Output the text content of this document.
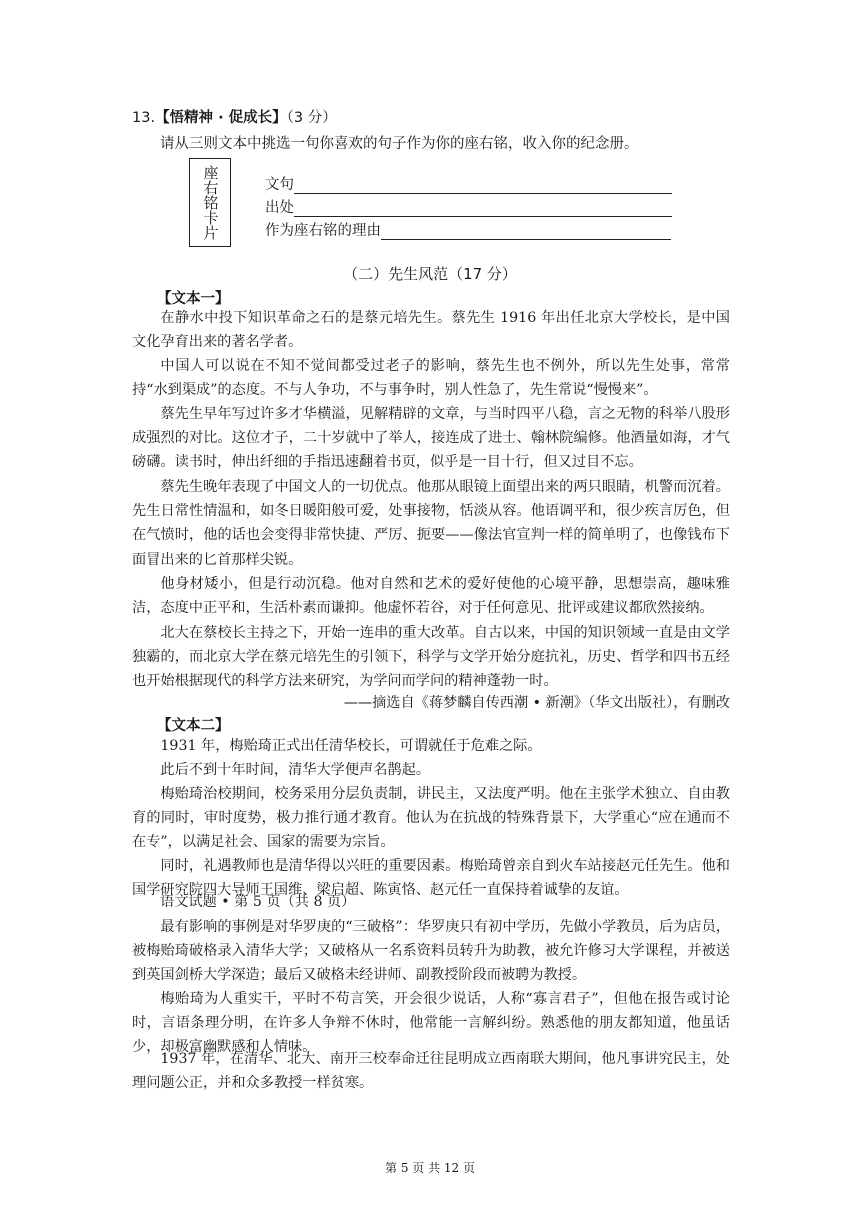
13.【悟精神 · 促成长】（3 分）
请从三则文本中挑选一句你喜欢的句子作为你的座右铭，收入你的纪念册。
座右铭卡片	文句
出处
作为座右铭的理由
（二）先生风范（17 分）
【文本一】
在静水中投下知识革命之石的是蔡元培先生。蔡先生 1916 年出任北京大学校长，是中国文化孕育出来的著名学者。
中国人可以说在不知不觉间都受过老子的影响，蔡先生也不例外，所以先生处事，常常持“水到渠成”的态度。不与人争功，不与事争时，别人性急了，先生常说“慢慢来”。
蔡先生早年写过许多才华横溢，见解精辟的文章，与当时四平八稳，言之无物的科举八股形成强烈的对比。这位才子，二十岁就中了举人，接连成了进士、翰林院编修。他酒量如海，才气磅礴。读书时，伸出纤细的手指迅速翻着书页，似乎是一目十行，但又过目不忘。
蔡先生晚年表现了中国文人的一切优点。他那从眼镜上面望出来的两只眼睛，机警而沉着。先生日常性情温和，如冬日暖阳般可爱，处事接物，恬淡从容。他语调平和，很少疾言厉色，但在气愤时，他的话也会变得非常快捷、严厉、扼要——像法官宣判一样的简单明了，也像钱布下面冒出来的匕首那样尖锐。
他身材矮小，但是行动沉稳。他对自然和艺术的爱好使他的心境平静，思想崇高，趣味雅洁，态度中正平和，生活朴素而谦抑。他虚怀若谷，对于任何意见、批评或建议都欣然接纳。
北大在蔡校长主持之下，开始一连串的重大改革。自古以来，中国的知识领域一直是由文学独霸的，而北京大学在蔡元培先生的引领下，科学与文学开始分庭抗礼，历史、哲学和四书五经也开始根据现代的科学方法来研究，为学问而学问的精神蓬勃一时。
——摘选自《蒋梦麟自传西潮 • 新潮》（华文出版社），有删改
【文本二】
1931 年，梅贻琦正式出任清华校长，可谓就任于危难之际。
此后不到十年时间，清华大学便声名鹊起。
梅贻琦治校期间，校务采用分层负责制，讲民主，又法度严明。他在主张学术独立、自由教育的同时，审时度势，极力推行通才教育。他认为在抗战的特殊背景下，大学重心“应在通而不在专”，以满足社会、国家的需要为宗旨。
同时，礼遇教师也是清华得以兴旺的重要因素。梅贻琦曾亲自到火车站接赵元任先生。他和国学研究院四大导师王国维、梁启超、陈寅恪、赵元任一直保持着诚挚的友谊。
语文试题 • 第 5 页（共 8 页）
最有影响的事例是对华罗庚的“三破格”：华罗庚只有初中学历，先做小学教员，后为店员，被梅贻琦破格录入清华大学；又破格从一名系资料员转升为助教，被允许修习大学课程，并被送到英国剑桥大学深造；最后又破格未经讲师、副教授阶段而被聘为教授。
梅贻琦为人重实干，平时不苟言笑，开会很少说话，人称“寡言君子”，但他在报告或讨论时，言语条理分明，在许多人争辩不休时，他常能一言解纠纷。熟悉他的朋友都知道，他虽话少，却极富幽默感和人情味。
1937 年，在清华、北大、南开三校奉命迁往昆明成立西南联大期间，他凡事讲究民主，处理问题公正，并和众多教授一样贫寒。
第 5 页 共 12 页
